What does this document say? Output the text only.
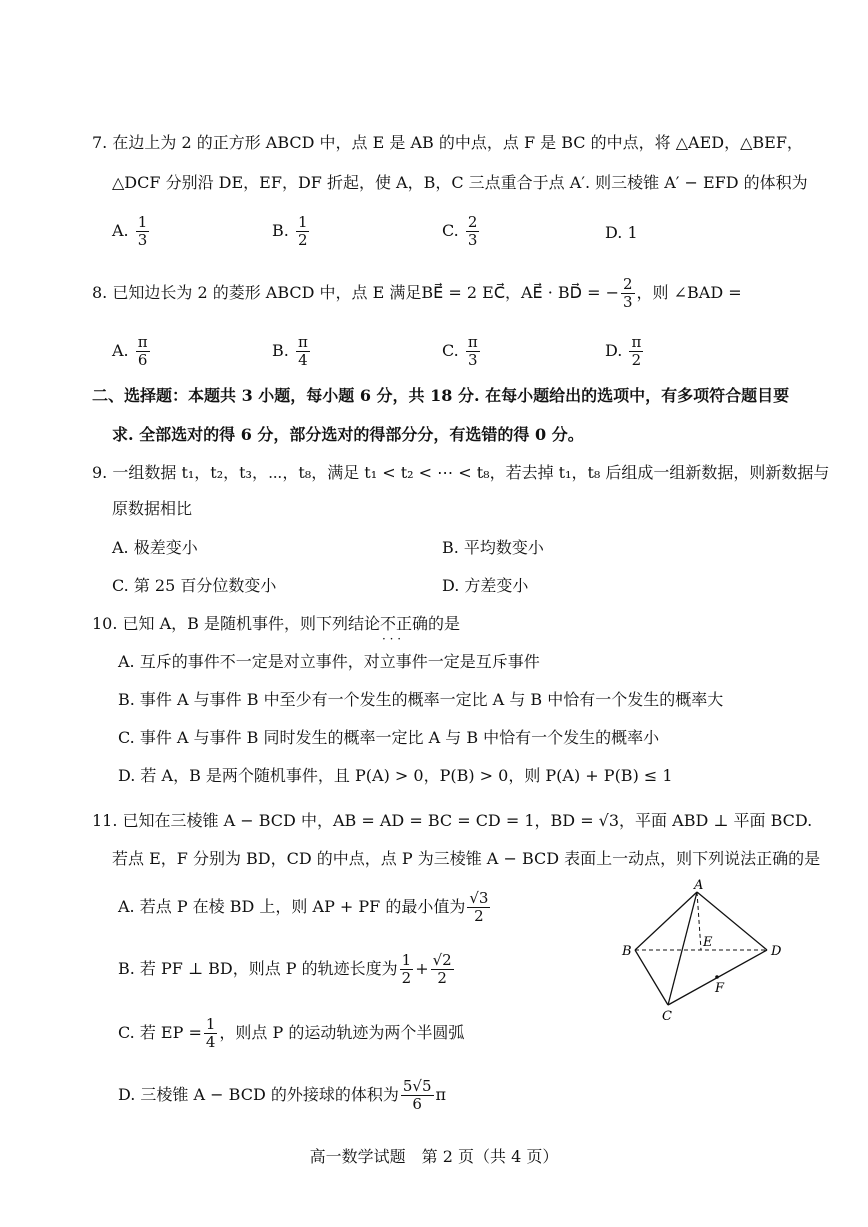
7. 在边上为 2 的正方形 ABCD 中，点 E 是 AB 的中点，点 F 是 BC 的中点，将 △AED，△BEF，
△DCF 分别沿 DE，EF，DF 折起，使 A，B，C 三点重合于点 A′. 则三棱锥 A′ − EFD 的体积为
A. $\frac{1}{3}$	B. $\frac{1}{2}$	C. $\frac{2}{3}$	D. 1
8. 已知边长为 2 的菱形 ABCD 中，点 E 满足BE⃗ = 2 EC⃗，AE⃗ · BD⃗ = − $\frac{2}{3}$ ，则 ∠BAD =
A. $\frac{\pi}{6}$	B. $\frac{\pi}{4}$	C. $\frac{\pi}{3}$	D. $\frac{\pi}{2}$
二、选择题：本题共 3 小题，每小题 6 分，共 18 分. 在每小题给出的选项中，有多项符合题目要
求. 全部选对的得 6 分，部分选对的得部分分，有选错的得 0 分。
9. 一组数据 t₁，t₂，t₃，⋯，t₈，满足 t₁ < t₂ < ⋯ < t₈，若去掉 t₁，t₈ 后组成一组新数据，则新数据与
原数据相比
A. 极差变小	B. 平均数变小
C. 第 25 百分位数变小	D. 方差变小
10. 已知 A，B 是随机事件，则下列结论不正确 · · ·的是
A. 互斥的事件不一定是对立事件，对立事件一定是互斥事件
B. 事件 A 与事件 B 中至少有一个发生的概率一定比 A 与 B 中恰有一个发生的概率大
C. 事件 A 与事件 B 同时发生的概率一定比 A 与 B 中恰有一个发生的概率小
D. 若 A，B 是两个随机事件，且 P(A) > 0，P(B) > 0，则 P(A) + P(B) ≤ 1
11. 已知在三棱锥 A − BCD 中，AB = AD = BC = CD = 1，BD = √3，平面 ABD ⊥ 平面 BCD.
若点 E，F 分别为 BD，CD 的中点，点 P 为三棱锥 A − BCD 表面上一动点，则下列说法正确的是
A. 若点 P 在棱 BD 上，则 AP + PF 的最小值为 $\frac{√3}{2}$
B. 若 PF ⊥ BD，则点 P 的轨迹长度为 $\frac{1}{2} + \frac{√2}{2}$
C. 若 EP = $\frac{1}{4}$ ，则点 P 的运动轨迹为两个半圆弧
D. 三棱锥 A − BCD 的外接球的体积为 $\frac{5√5}{6}$ π
A
B
C
D
E
F
高一数学试题　第 2 页（共 4 页）
